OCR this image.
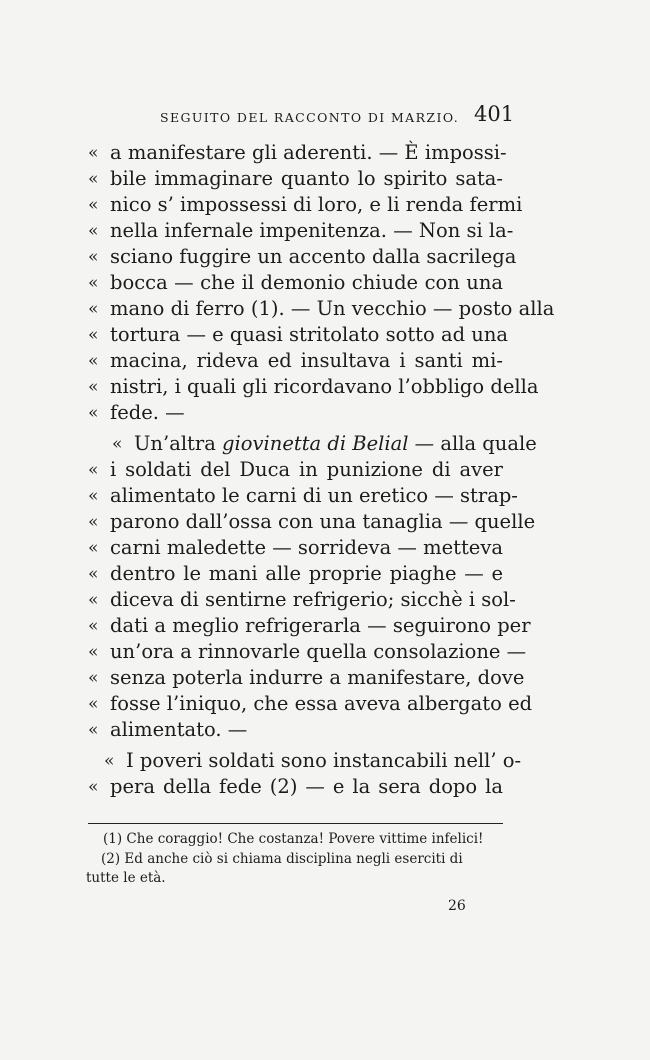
SEGUITO DEL RACCONTO DI MARZIO. 401
« a manifestare gli aderenti. — È impossi-
« bile immaginare quanto lo spirito sata-
« nico s’ impossessi di loro, e li renda fermi
« nella infernale impenitenza. — Non si la-
« sciano fuggire un accento dalla sacrilega
« bocca — che il demonio chiude con una
« mano di ferro (1). — Un vecchio — posto alla
« tortura — e quasi stritolato sotto ad una
« macina, rideva ed insultava i santi mi-
« nistri, i quali gli ricordavano l’obbligo della
« fede. —
« Un’altra giovinetta di Belial — alla quale
« i soldati del Duca in punizione di aver
« alimentato le carni di un eretico — strap-
« parono dall’ossa con una tanaglia — quelle
« carni maledette — sorrideva — metteva
« dentro le mani alle proprie piaghe — e
« diceva di sentirne refrigerio; sicchè i sol-
« dati a meglio refrigerarla — seguirono per
« un’ora a rinnovarle quella consolazione —
« senza poterla indurre a manifestare, dove
« fosse l’iniquo, che essa aveva albergato ed
« alimentato. —
« I poveri soldati sono instancabili nell’ o-
« pera della fede (2) — e la sera dopo la
(1) Che coraggio! Che costanza! Povere vittime infelici!
(2) Ed anche ciò si chiama disciplina negli eserciti di
tutte le età.
26
